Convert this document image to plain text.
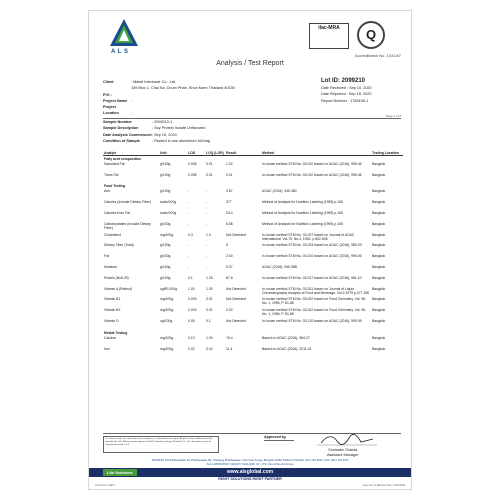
A L S
ilac-MRA	Q
Accreditation No. 1031/47
Analysis / Test Report
Client	: Mateli Intertrade Co., Ltd.
159 Moo 1, Chai Sa, Chum Phae, Khon Kaen Thailand 40130
P/O :
Project Name :
Project Location	:
Lot ID: 2099210
Date Received : Sep 10, 2020
Date Reported : Sep 18, 2020
Report Number : 1789196-1
Page 1 of 2
Sample Number	: 2099210-1
Sample Description	: Soy Protein Isolate Unflavored
Date Analysis Commenced: Sep 10, 2020
Condition of Sample	: Packed in one aluminium foil bag
Analyte	Unit	LOD	LOQ (LOR)	Result	Method	Testing Location
Fatty acid composition						
Saturated Fat	g/100g	0.008	0.01	1.02	In-house method STM No. 03-010 based on AOAC (2016), 996.06	Bangkok
Trans Fat	g/100g	0.008	0.01	0.01	In-house method STM No. 03-010 based on AOAC (2016), 996.06	Bangkok
Food Testing						
Ash	g/100g	-	-	3.67	AOAC (2016), 945.38C	Bangkok
Calories (Include Dietary Fiber)	kcals/100g	-	-	377	Method of Analysis for Nutrition Labeling (1993) p.106	Bangkok
Calories from Fat	kcals/100g	-	-	23.4	Method of Analysis for Nutrition Labeling (1993) p.106	Bangkok
Carbohydrates (Include Dietary Fiber)	g/100g	-	-	8.58	Method of Analysis for Nutrition Labeling (1993) p.106	Bangkok
Cholesterol	mg/100g	0.3	1.0	Not Detected	In-house method STM No. 03-027 based on Journal of AOAC International, Vol.75, No.4, 1992, p.802-806	Bangkok
Dietary Fiber (Total)	g/100g	-	-	8	In-house method STM No. 03-023 based on AOAC (2016), 985.29	Bangkok
Fat	g/100g	-	-	2.60	In-house method STM No. 03-010 based on AOAC (2016), 996.06	Bangkok
Moisture	g/100g	-	-	5.37	AOAC (2016), 945.38B	Bangkok
Protein (Nx6.25)	g/100g	0.1	1.25	87.8	In-house method STM No. 03-017 based on AOAC (2016), 981.10	Bangkok
Vitamin A (Retinol)	ugRE/100g	1.00	1.00	Not Detected	In-house method STM No. 03-021 based on Journal of Liquid Chromatography Analysis of Food and Beverage, Vol.2,1979 p.477-490	Bangkok
Vitamin B1	mg/100g	0.003	0.01	Not Detected	In-house method STM No. 03-022 based on Food Chemistry, Vol. 56, No. 1, 1996, P. 81-86	Bangkok
Vitamin B2	mg/100g	0.003	0.01	0.02	In-house method STM No. 03-022 based on Food Chemistry, Vol. 56, No. 1, 1996, P. 81-86	Bangkok
Vitamin D	ug/100g	0.05	0.1	Not Detected	In-house method STM No. 03-120 based on AOAC (2016), 995.05	Bangkok
Metals Testing						
Calcium	mg/100g	0.10	1.00	76.4	Based on AOAC (2016), 984.27	Bangkok
Iron	mg/100g	0.02	0.02	11.4	Based on AOAC (2016), 2011.15	Bangkok
The above results are valid only for the sample(s) as submitted to this report. All parts of this certificate must be reproduced in full. Without written approval of ALS Laboratory Group (Thailand) Co., Ltd. this report cannot be reproduced except in full.
Approved by
Sunisake Chanta
Assistant Manager
ADDRESS 19A Phatthanakan 49, Phatthanakan Rd., Khwaeng Phatthanakan, Khet Suan Luang, Bangkok 10250 Thailand | PHONE +66 2 760 9000 | FAX +66 2 760 3737
ALS LABORATORY GROUP (THAILAND) CO., LTD. Part of the ALS Group
www.alsglobal.com
Life Sciences
RIGHT SOLUTIONS RIGHT PARTNER
ALS-FS-1-1 (REV.)	Issue No. 01 Effective Date: 01/04/2016
